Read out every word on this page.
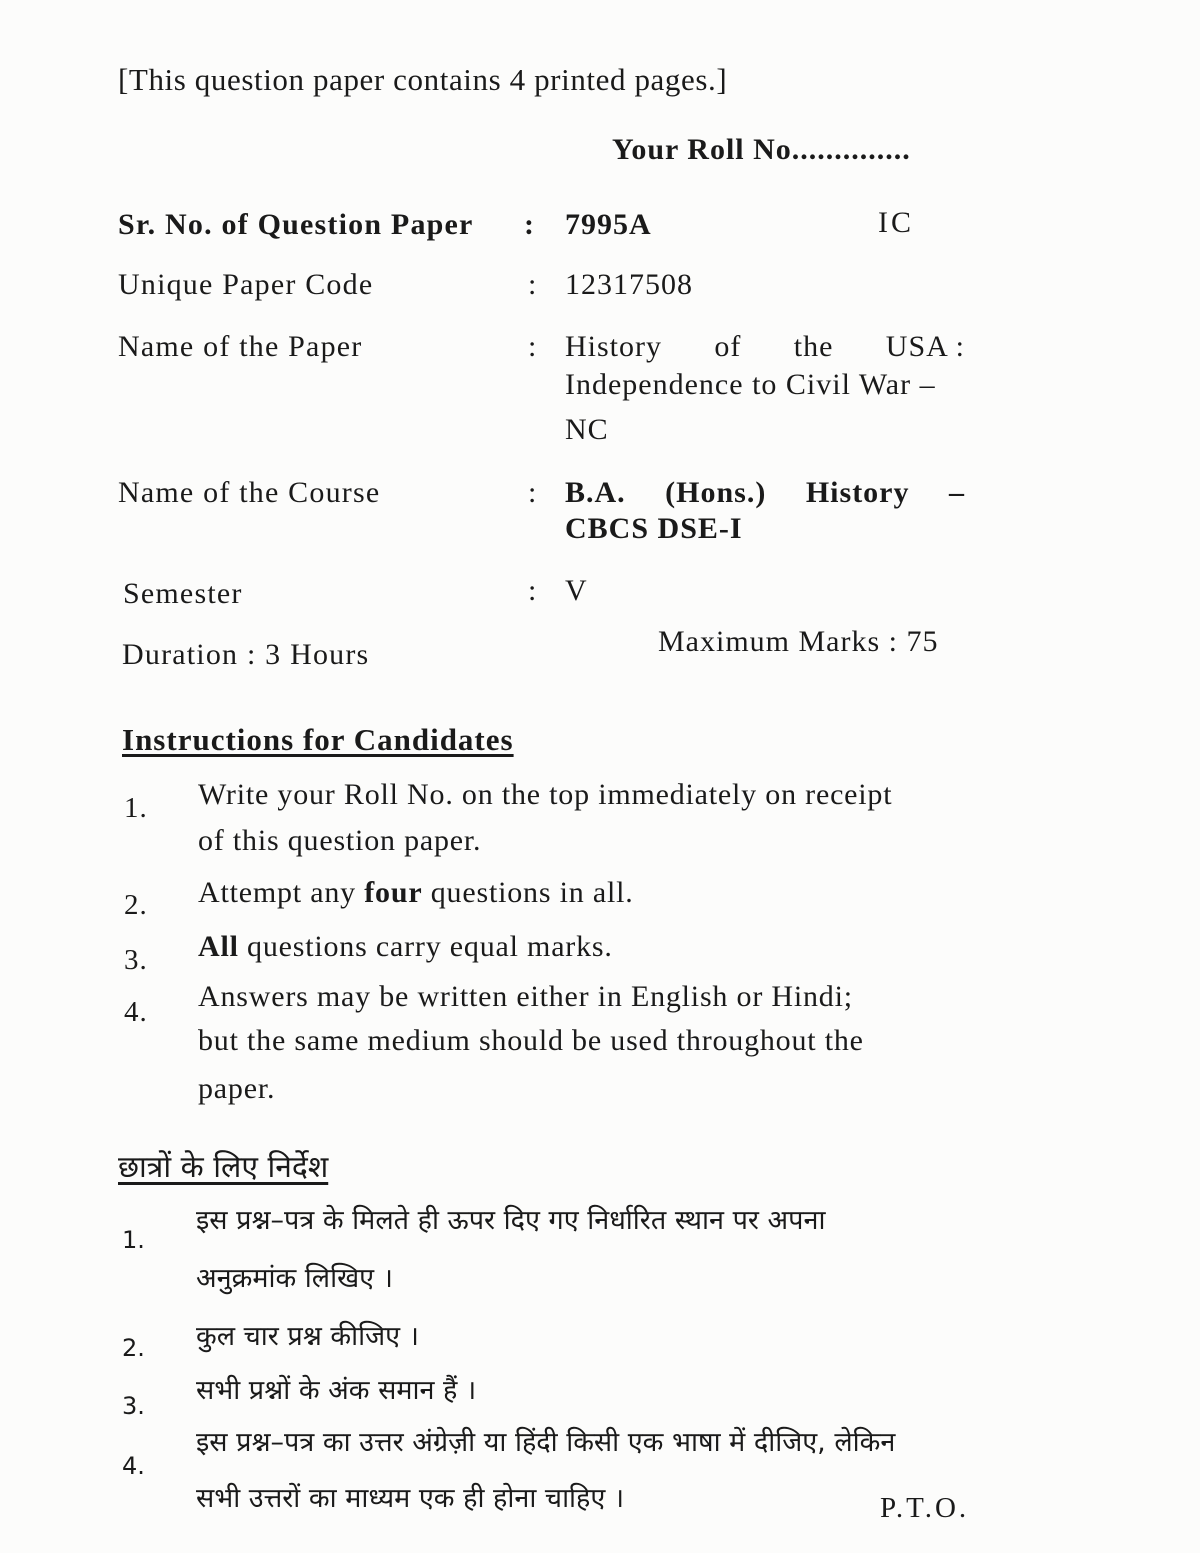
[This question paper contains 4 printed pages.]
Your Roll No..............
Sr. No. of Question Paper : 7995A	IC
Unique Paper Code	: 12317508
Name of the Paper	: History of the USA :
Independence to Civil War –
NC
Name of the Course	: B.A. (Hons.) History –
CBCS DSE-I
Semester	: V
Duration : 3 Hours	Maximum Marks : 75
Instructions for Candidates
1. Write your Roll No. on the top immediately on receipt
of this question paper.
2. Attempt any four questions in all.
3. All questions carry equal marks.
4. Answers may be written either in English or Hindi;
but the same medium should be used throughout the
paper.
छात्रों के लिए निर्देश
1.
इस प्रश्न–पत्र के मिलते ही ऊपर दिए गए निर्धारित स्थान पर अपना
अनुक्रमांक लिखिए ।
2. कुल चार प्रश्न कीजिए ।
3. सभी प्रश्नों के अंक समान हैं ।
4.
इस प्रश्न–पत्र का उत्तर अंग्रेज़ी या हिंदी किसी एक भाषा में दीजिए, लेकिन
सभी उत्तरों का माध्यम एक ही होना चाहिए ।	P.T.O.
